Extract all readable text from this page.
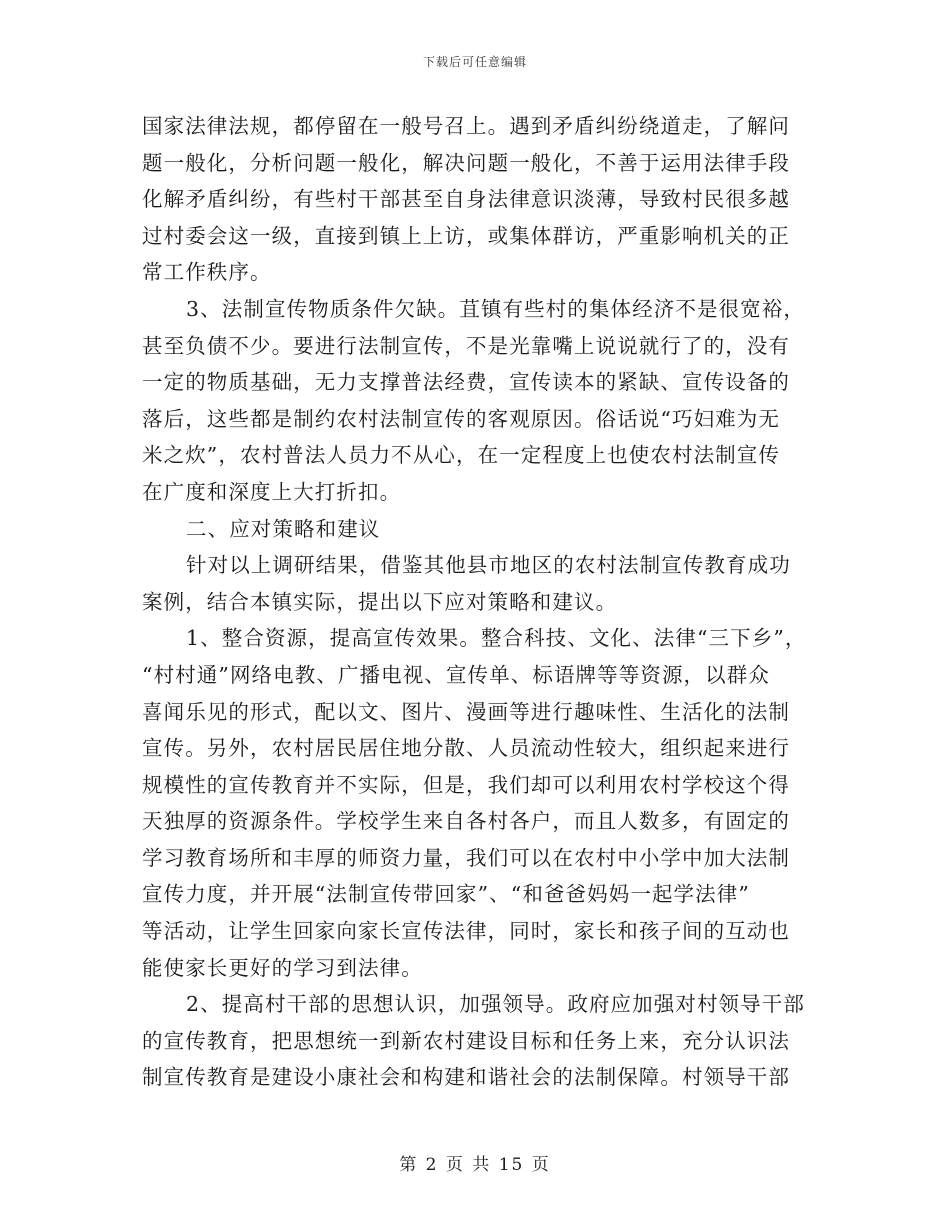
下载后可任意编辑
国家法律法规，都停留在一般号召上。遇到矛盾纠纷绕道走，了解问
题一般化，分析问题一般化，解决问题一般化，不善于运用法律手段
化解矛盾纠纷，有些村干部甚至自身法律意识淡薄，导致村民很多越
过村委会这一级，直接到镇上上访，或集体群访，严重影响机关的正
常工作秩序。
3、法制宣传物质条件欠缺。苴镇有些村的集体经济不是很宽裕，
甚至负债不少。要进行法制宣传，不是光靠嘴上说说就行了的，没有
一定的物质基础，无力支撑普法经费，宣传读本的紧缺、宣传设备的
落后，这些都是制约农村法制宣传的客观原因。俗话说“巧妇难为无
米之炊”，农村普法人员力不从心，在一定程度上也使农村法制宣传
在广度和深度上大打折扣。
二、应对策略和建议
针对以上调研结果，借鉴其他县市地区的农村法制宣传教育成功
案例，结合本镇实际，提出以下应对策略和建议。
1、整合资源，提高宣传效果。整合科技、文化、法律“三下乡”，
“村村通”网络电教、广播电视、宣传单、标语牌等等资源，以群众
喜闻乐见的形式，配以文、图片、漫画等进行趣味性、生活化的法制
宣传。另外，农村居民居住地分散、人员流动性较大，组织起来进行
规模性的宣传教育并不实际，但是，我们却可以利用农村学校这个得
天独厚的资源条件。学校学生来自各村各户，而且人数多，有固定的
学习教育场所和丰厚的师资力量，我们可以在农村中小学中加大法制
宣传力度，并开展“法制宣传带回家”、“和爸爸妈妈一起学法律”
等活动，让学生回家向家长宣传法律，同时，家长和孩子间的互动也
能使家长更好的学习到法律。
2、提高村干部的思想认识，加强领导。政府应加强对村领导干部
的宣传教育，把思想统一到新农村建设目标和任务上来，充分认识法
制宣传教育是建设小康社会和构建和谐社会的法制保障。村领导干部
第 2 页 共 15 页
